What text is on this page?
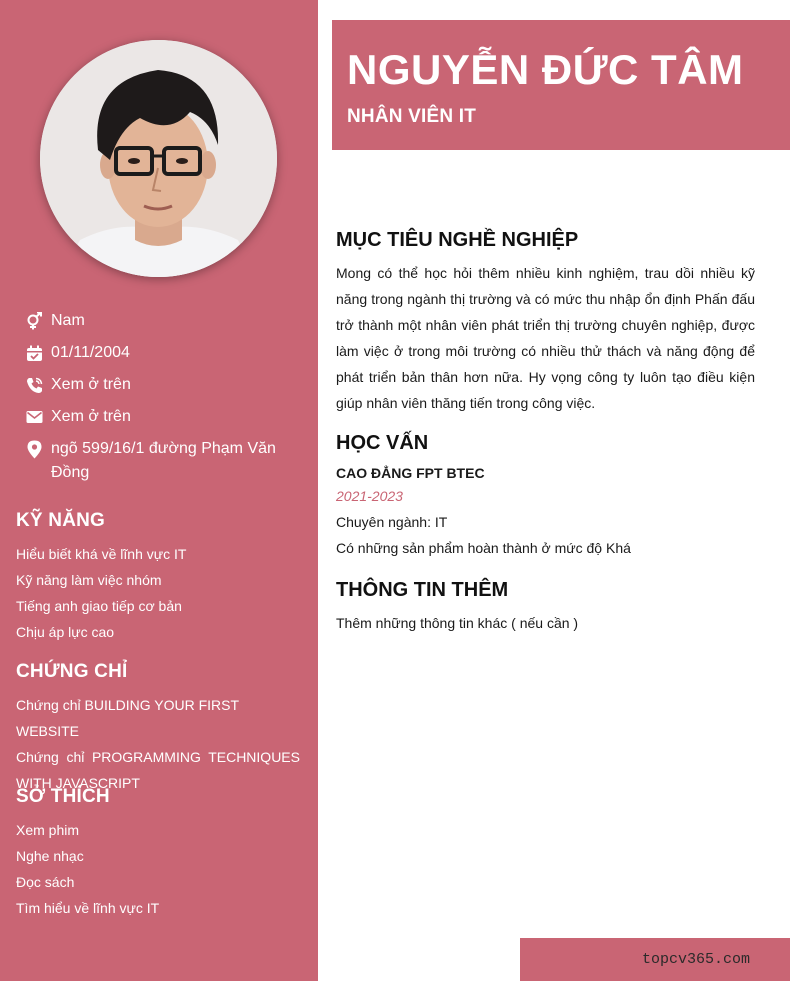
Nam
01/11/2004
Xem ở trên
Xem ở trên
ngõ 599/16/1 đường Phạm Văn Đồng
KỸ NĂNG
Hiểu biết khá về lĩnh vực IT
Kỹ năng làm việc nhóm
Tiếng anh giao tiếp cơ bản
Chịu áp lực cao
CHỨNG CHỈ
Chứng chỉ BUILDING YOUR FIRST WEBSITE
Chứng chỉ PROGRAMMING TECHNIQUES WITH JAVASCRIPT
SỞ THÍCH
Xem phim
Nghe nhạc
Đọc sách
Tìm hiểu về lĩnh vực IT
NGUYỄN ĐỨC TÂM
NHÂN VIÊN IT
MỤC TIÊU NGHỀ NGHIỆP
Mong có thể học hỏi thêm nhiều kinh nghiệm, trau dồi nhiều kỹ năng trong ngành thị trường và có mức thu nhập ổn định Phấn đấu trở thành một nhân viên phát triển thị trường chuyên nghiệp, được làm việc ở trong môi trường có nhiều thử thách và năng động để phát triển bản thân hơn nữa. Hy vọng công ty luôn tạo điều kiện giúp nhân viên thăng tiến trong công việc.
HỌC VẤN
CAO ĐẲNG FPT BTEC
2021-2023
Chuyên ngành: IT
Có những sản phẩm hoàn thành ở mức độ Khá
THÔNG TIN THÊM
Thêm những thông tin khác ( nếu cần )
topcv365.com
